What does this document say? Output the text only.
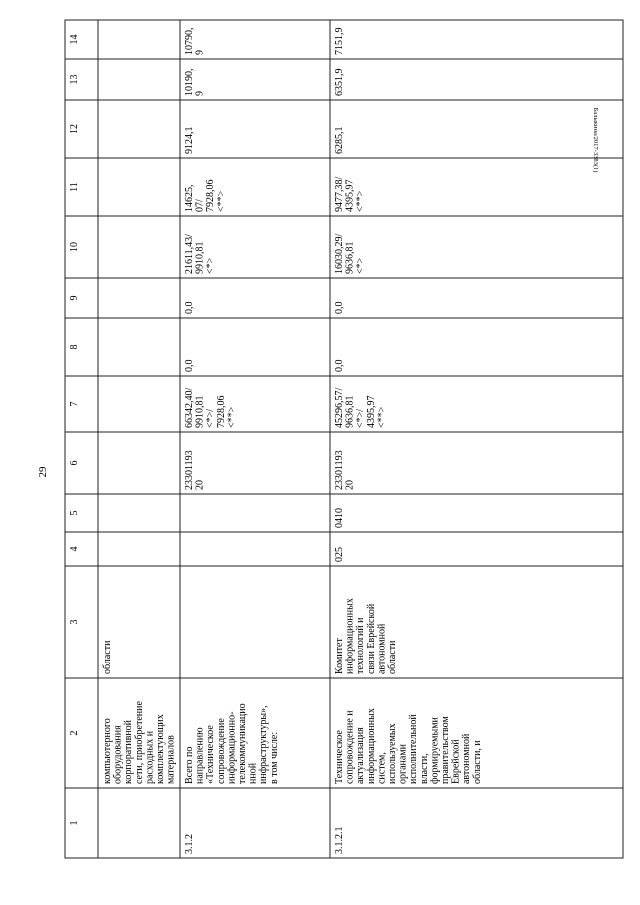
29
Балыкина/2017-3383(1)
1
2
3
4
5
6
7
8
9
10
11
12
13
14
компьютерного оборудования корпоративной сети, приобретение расходных и комплектующих материалов
области
3.1.2
Всего по направлению «Техническое сопровождение информационно- телекоммуникацио нной инфраструктуры», в том числе:
23301193 20
66342,40/ 9910,81 <*>/ 7928,06 <**>
0,0
0,0
21611,43/ 9910,81 <*>
14625, 07/ 7928,06 <**>
9124,1
10190, 9
10790, 9
3.1.2.1
Техническое сопровождение и актуализация информационных систем, используемых органами исполнительной власти, формируемыми правительством Еврейской автономной области, и
Комитет информационных технологий и связи Еврейской автономной области
025
0410
23301193 20
45296,57/ 9636,81 <*>/ 4395,97 <**>
0,0
0,0
16030,29/ 9636,81 <*>
9477,38/ 4395,97 <**>
6285,1
6351,9
7151,9
